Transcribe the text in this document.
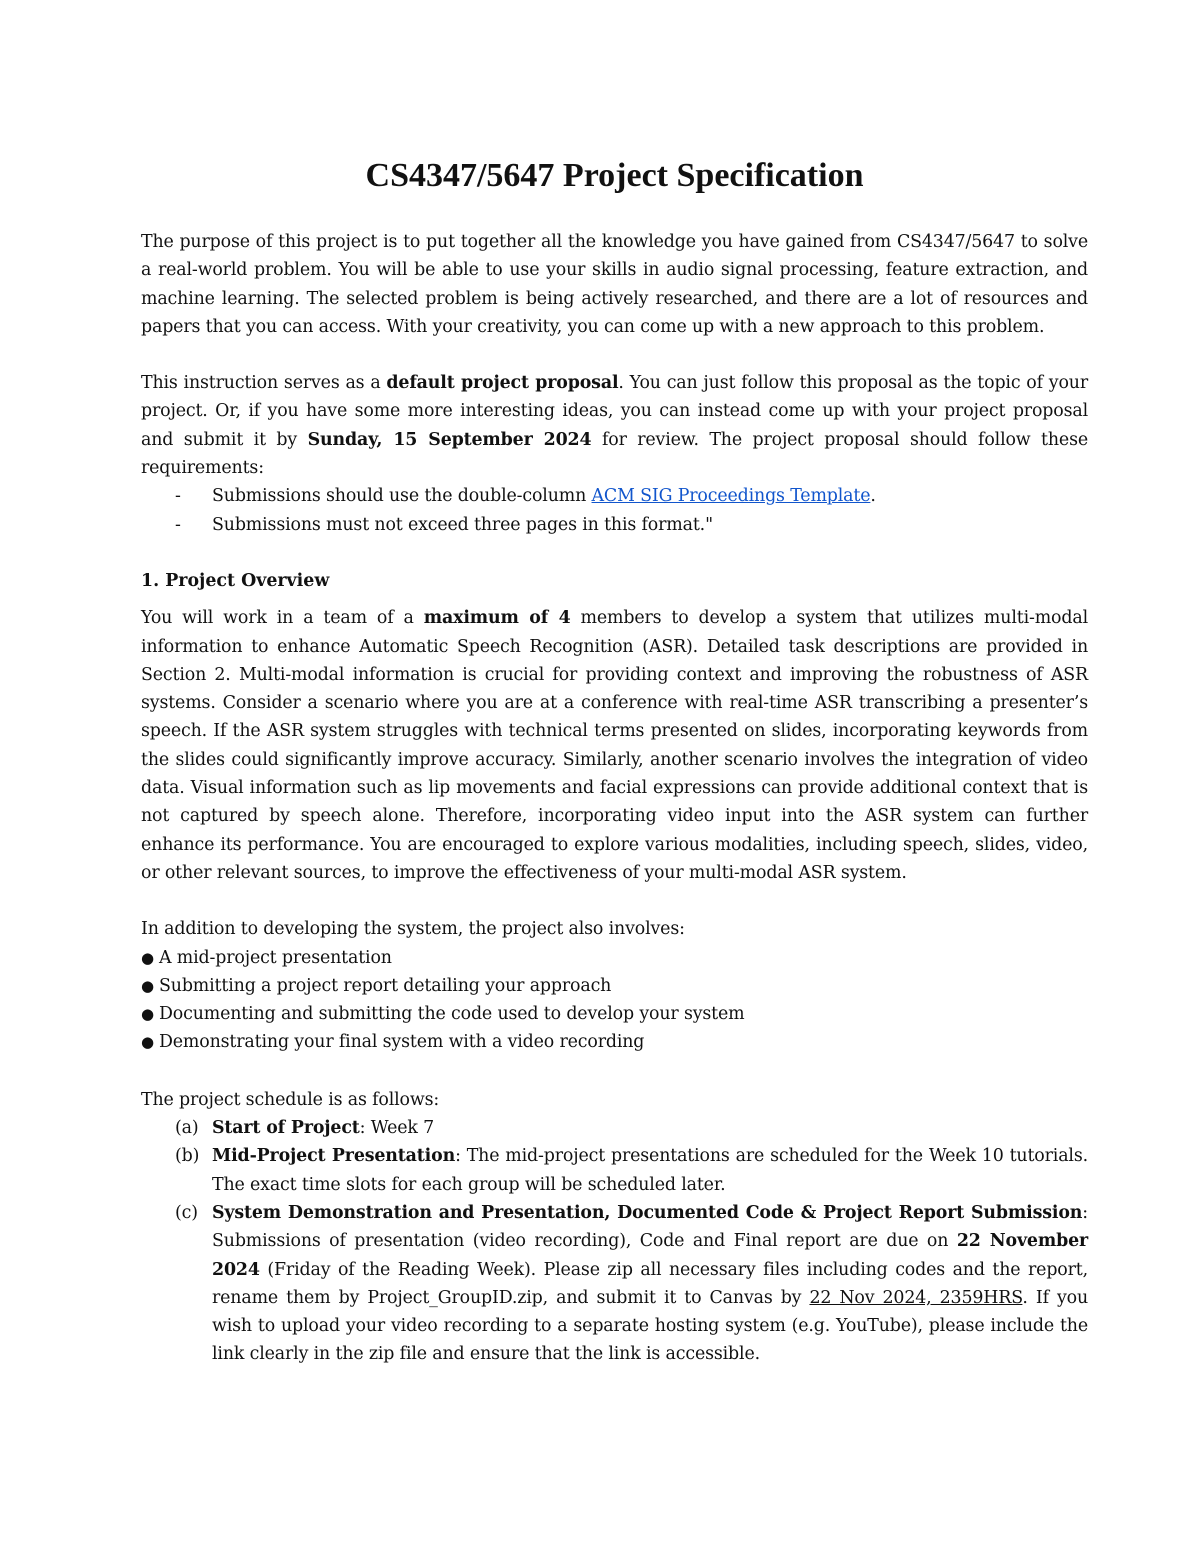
CS4347/5647 Project Specification

The purpose of this project is to put together all the knowledge you have gained from CS4347/5647 to solve a real-world problem. You will be able to use your skills in audio signal processing, feature extraction, and machine learning. The selected problem is being actively researched, and there are a lot of resources and papers that you can access. With your creativity, you can come up with a new approach to this problem.

This instruction serves as a default project proposal. You can just follow this proposal as the topic of your project. Or, if you have some more interesting ideas, you can instead come up with your project proposal and submit it by Sunday, 15 September 2024 for review. The project proposal should follow these requirements:

- Submissions should use the double-column ACM SIG Proceedings Template.
- Submissions must not exceed three pages in this format."
1. Project Overview

You will work in a team of a maximum of 4 members to develop a system that utilizes multi-modal information to enhance Automatic Speech Recognition (ASR). Detailed task descriptions are provided in Section 2. Multi-modal information is crucial for providing context and improving the robustness of ASR systems. Consider a scenario where you are at a conference with real-time ASR transcribing a presenter’s speech. If the ASR system struggles with technical terms presented on slides, incorporating keywords from the slides could significantly improve accuracy. Similarly, another scenario involves the integration of video data. Visual information such as lip movements and facial expressions can provide additional context that is not captured by speech alone. Therefore, incorporating video input into the ASR system can further enhance its performance. You are encouraged to explore various modalities, including speech, slides, video, or other relevant sources, to improve the effectiveness of your multi-modal ASR system.

In addition to developing the system, the project also involves:

● A mid-project presentation
● Submitting a project report detailing your approach
● Documenting and submitting the code used to develop your system
● Demonstrating your final system with a video recording

The project schedule is as follows:

(a) Start of Project: Week 7
(b) Mid-Project Presentation: The mid-project presentations are scheduled for the Week 10 tutorials. The exact time slots for each group will be scheduled later.
(c) System Demonstration and Presentation, Documented Code & Project Report Submission: Submissions of presentation (video recording), Code and Final report are due on 22 November 2024 (Friday of the Reading Week). Please zip all necessary files including codes and the report, rename them by Project_GroupID.zip, and submit it to Canvas by 22 Nov 2024, 2359HRS. If you wish to upload your video recording to a separate hosting system (e.g. YouTube), please include the link clearly in the zip file and ensure that the link is accessible.
